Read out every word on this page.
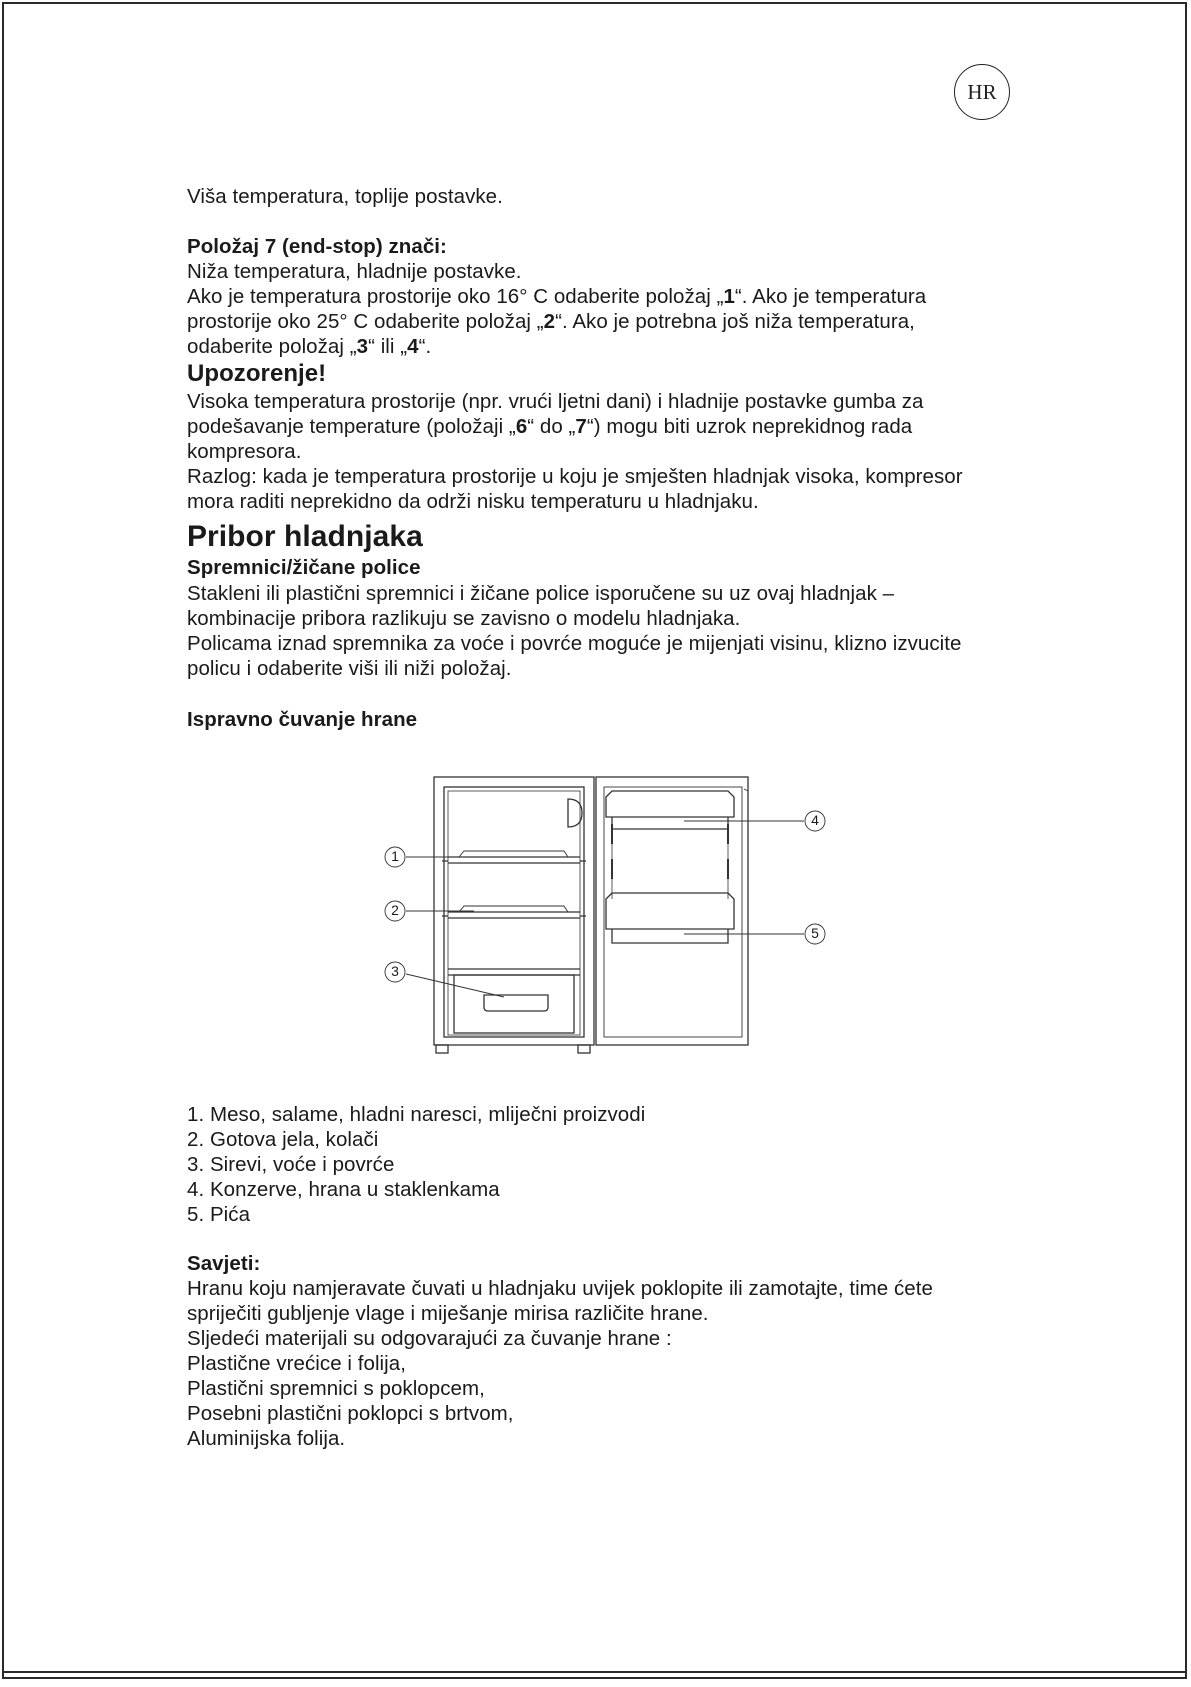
HR

Viša temperatura, toplije postavke.

Položaj 7 (end-stop) znači:

Niža temperatura, hladnije postavke.

Ako je temperatura prostorije oko 16° C odaberite položaj „1“. Ako je temperatura

prostorije oko 25° C odaberite položaj „2“. Ako je potrebna još niža temperatura,

odaberite položaj „3“ ili „4“.

Upozorenje!

Visoka temperatura prostorije (npr. vrući ljetni dani) i hladnije postavke gumba za

podešavanje temperature (položaji „6“ do „7“) mogu biti uzrok neprekidnog rada

kompresora.

Razlog: kada je temperatura prostorije u koju je smješten hladnjak visoka, kompresor

mora raditi neprekidno da održi nisku temperaturu u hladnjaku.

Pribor hladnjaka

Spremnici/žičane police

Stakleni ili plastični spremnici i žičane police isporučene su uz ovaj hladnjak –

kombinacije pribora razlikuju se zavisno o modelu hladnjaka.

Policama iznad spremnika za voće i povrće moguće je mijenjati visinu, klizno izvucite

policu i odaberite viši ili niži položaj.

Ispravno čuvanje hrane

1
2
3
4
5

1. Meso, salame, hladni naresci, mliječni proizvodi

2. Gotova jela, kolači

3. Sirevi, voće i povrće

4. Konzerve, hrana u staklenkama

5. Pića

Savjeti:

Hranu koju namjeravate čuvati u hladnjaku uvijek poklopite ili zamotajte, time ćete

spriječiti gubljenje vlage i miješanje mirisa različite hrane.

Sljedeći materijali su odgovarajući za čuvanje hrane :

Plastične vrećice i folija,

Plastični spremnici s poklopcem,

Posebni plastični poklopci s brtvom,

Aluminijska folija.
